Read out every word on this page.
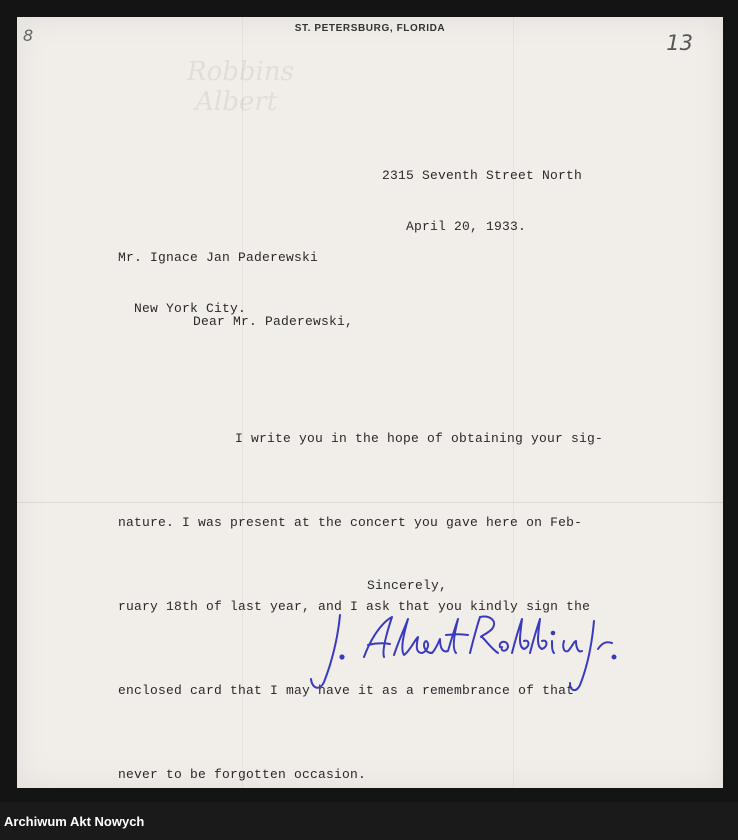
Robbins
Albert
ST. PETERSBURG, FLORIDA
8	13

2315 Seventh Street North

April 20, 1933.

Mr. Ignace Jan Paderewski

New York City.

Dear Mr. Paderewski,

I write you in the hope of obtaining your sig-

nature. I was present at the concert you gave here on Feb-

ruary 18th of last year, and I ask that you kindly sign the

enclosed card that I may have it as a remembrance of that

never to be forgotten occasion.

Sincerely,
Archiwum Akt Nowych
